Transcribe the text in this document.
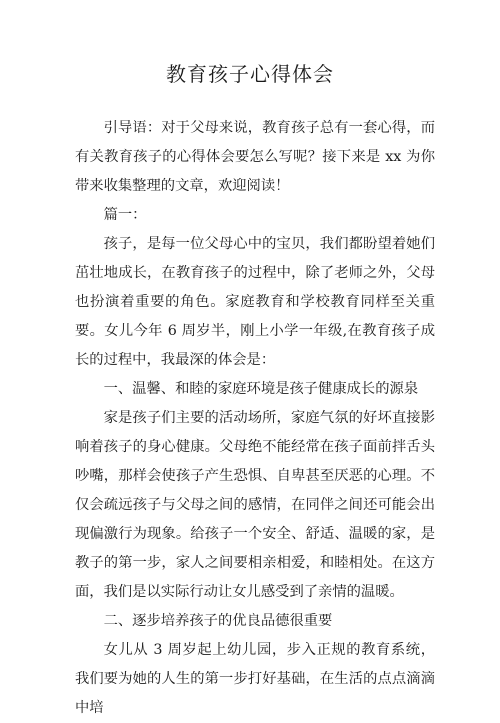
教育孩子心得体会

引导语：对于父母来说，教育孩子总有一套心得，而有关教育孩子的心得体会要怎么写呢？接下来是 xx 为你带来收集整理的文章，欢迎阅读！

篇一：

孩子，是每一位父母心中的宝贝，我们都盼望着她们茁壮地成长，在教育孩子的过程中，除了老师之外，父母也扮演着重要的角色。家庭教育和学校教育同样至关重要。女儿今年 6 周岁半，刚上小学一年级,在教育孩子成长的过程中，我最深的体会是：

一、温馨、和睦的家庭环境是孩子健康成长的源泉

家是孩子们主要的活动场所，家庭气氛的好坏直接影响着孩子的身心健康。父母绝不能经常在孩子面前拌舌头吵嘴，那样会使孩子产生恐惧、自卑甚至厌恶的心理。不仅会疏远孩子与父母之间的感情，在同伴之间还可能会出现偏激行为现象。给孩子一个安全、舒适、温暖的家，是教子的第一步，家人之间要相亲相爱，和睦相处。在这方面，我们是以实际行动让女儿感受到了亲情的温暖。

二、逐步培养孩子的优良品德很重要

女儿从 3 周岁起上幼儿园，步入正规的教育系统，我们要为她的人生的第一步打好基础，在生活的点点滴滴中培
